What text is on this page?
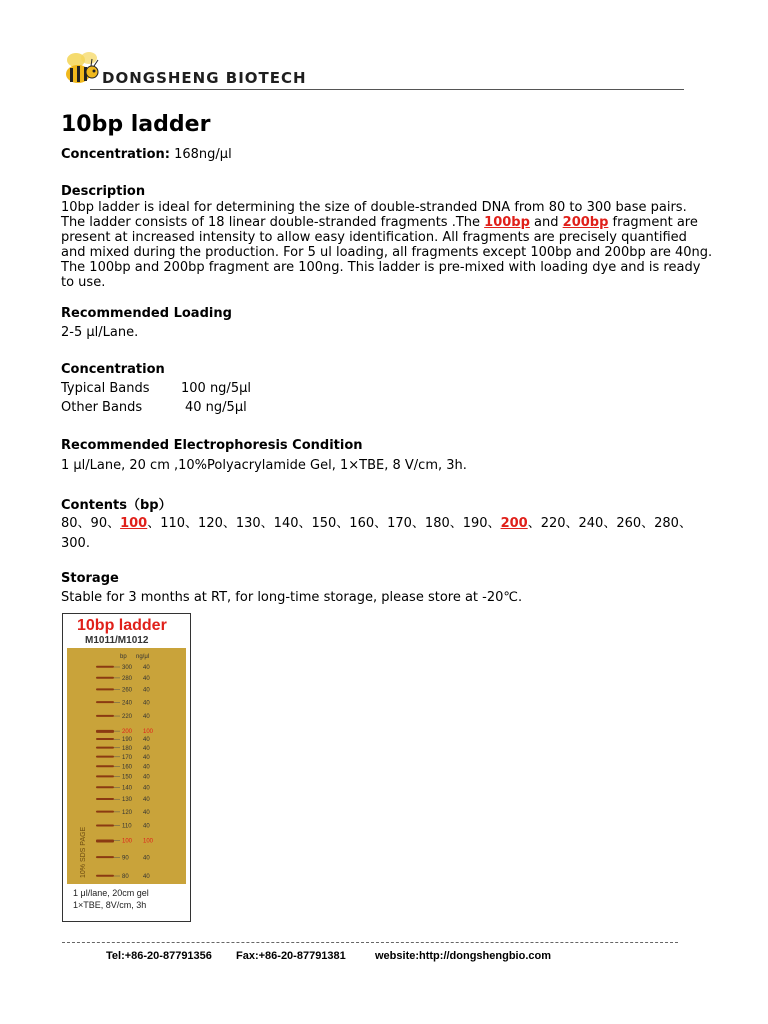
DONGSHENG BIOTECH
10bp ladder
Concentration: 168ng/μl
Description
10bp ladder is ideal for determining the size of double-stranded DNA from 80 to 300 base pairs.
The ladder consists of 18 linear double-stranded fragments .The 100bp and 200bp fragment are
present at increased intensity to allow easy identification. All fragments are precisely quantified
and mixed during the production. For 5 ul loading, all fragments except 100bp and 200bp are 40ng.
The 100bp and 200bp fragment are 100ng. This ladder is pre-mixed with loading dye and is ready
to use.
Recommended Loading
2-5 μl/Lane.
Concentration
Typical Bands 100 ng/5μl
Other Bands	40 ng/5μl
Recommended Electrophoresis Condition
1 μl/Lane, 20 cm ,10%Polyacrylamide Gel, 1×TBE, 8 V/cm, 3h.
Contents（bp）
80、90、100、110、120、130、140、150、160、170、180、190、200、220、240、260、280、
300.
Storage
Stable for 3 months at RT, for long-time storage, please store at -20℃.
10bp ladder
M1011/M1012
bp ng/μl
10% SDS PAGE
300 40
280 40
260 40
240 40
220 40
200 100
190 40
180 40
170 40
160 40
150 40
140 40
130 40
120 40
110 40
100 100
90 40
80 40
1 μl/lane, 20cm gel
1×TBE, 8V/cm, 3h
Tel:+86-20-87791356 Fax:+86-20-87791381	website:http://dongshengbio.com
